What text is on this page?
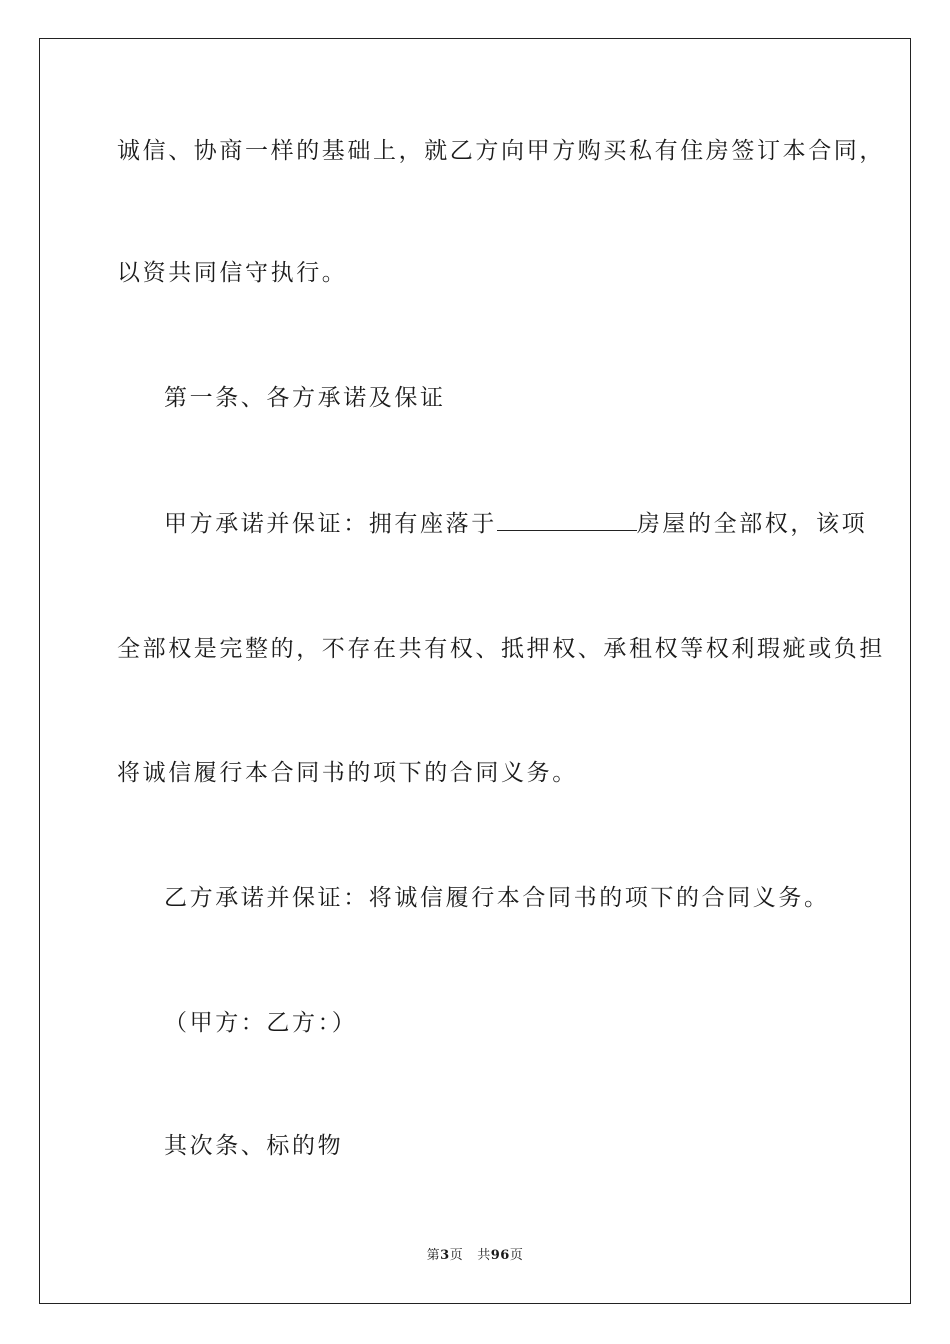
诚信、协商一样的基础上，就乙方向甲方购买私有住房签订本合同，
以资共同信守执行。
第一条、各方承诺及保证
甲方承诺并保证：拥有座落于	房屋的全部权，该项
全部权是完整的，不存在共有权、抵押权、承租权等权利瑕疵或负担
将诚信履行本合同书的项下的合同义务。
乙方承诺并保证：将诚信履行本合同书的项下的合同义务。
（甲方：乙方：）
其次条、标的物
第3页 共96页
